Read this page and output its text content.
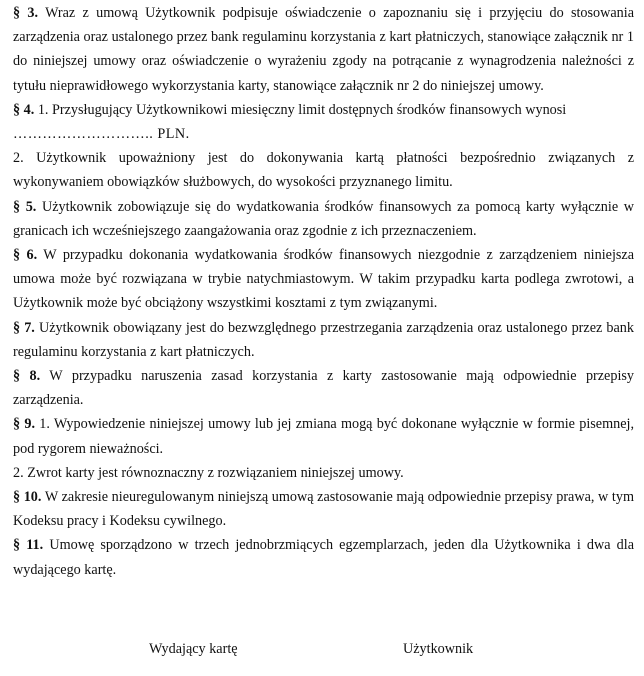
§ 3. Wraz z umową Użytkownik podpisuje oświadczenie o zapoznaniu się i przyjęciu do stosowania zarządzenia oraz ustalonego przez bank regulaminu korzystania z kart płatniczych, stanowiące załącznik nr 1 do niniejszej umowy oraz oświadczenie o wyrażeniu zgody na potrącanie z wynagrodzenia należności z tytułu nieprawidłowego wykorzystania karty, stanowiące załącznik nr 2 do niniejszej umowy.

§ 4. 1. Przysługujący Użytkownikowi miesięczny limit dostępnych środków finansowych wynosi

……………………….. PLN.

2. Użytkownik upoważniony jest do dokonywania kartą płatności bezpośrednio związanych z wykonywaniem obowiązków służbowych, do wysokości przyznanego limitu.

§ 5. Użytkownik zobowiązuje się do wydatkowania środków finansowych za pomocą karty wyłącznie w granicach ich wcześniejszego zaangażowania oraz zgodnie z ich przeznaczeniem.

§ 6. W przypadku dokonania wydatkowania środków finansowych niezgodnie z zarządzeniem niniejsza umowa może być rozwiązana w trybie natychmiastowym. W takim przypadku karta podlega zwrotowi, a Użytkownik może być obciążony wszystkimi kosztami z tym związanymi.

§ 7. Użytkownik obowiązany jest do bezwzględnego przestrzegania zarządzenia oraz ustalonego przez bank regulaminu korzystania z kart płatniczych.

§ 8. W przypadku naruszenia zasad korzystania z karty zastosowanie mają odpowiednie przepisy zarządzenia.

§ 9. 1. Wypowiedzenie niniejszej umowy lub jej zmiana mogą być dokonane wyłącznie w formie pisemnej, pod rygorem nieważności.

2. Zwrot karty jest równoznaczny z rozwiązaniem niniejszej umowy.

§ 10. W zakresie nieuregulowanym niniejszą umową zastosowanie mają odpowiednie przepisy prawa, w tym Kodeksu pracy i Kodeksu cywilnego.

§ 11. Umowę sporządzono w trzech jednobrzmiących egzemplarzach, jeden dla Użytkownika i dwa dla wydającego kartę.

Wydający kartę	Użytkownik
